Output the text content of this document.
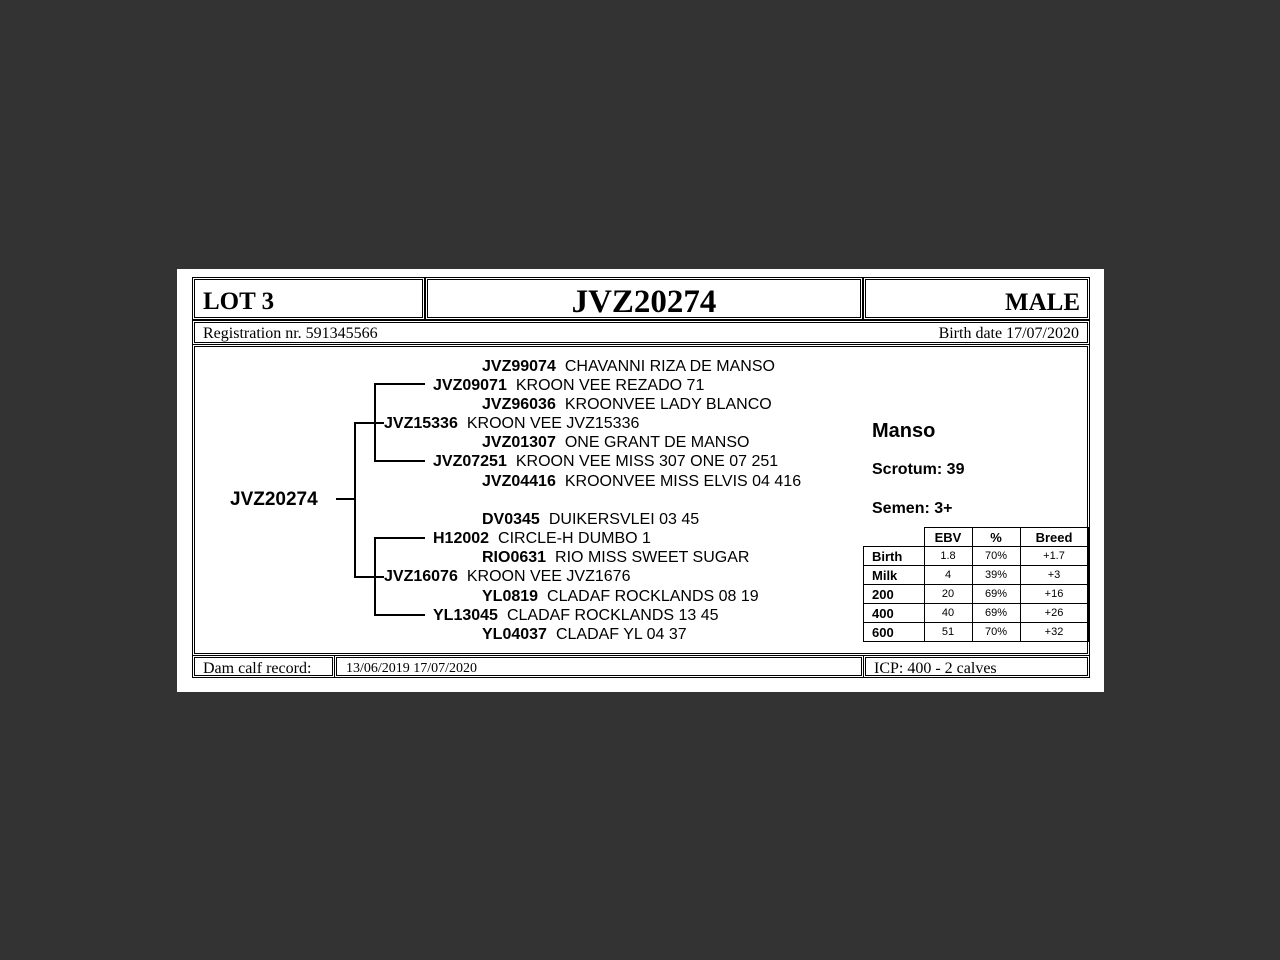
LOT 3	JVZ20274	MALE
Registration nr. 591345566	Birth date 17/07/2020
JVZ20274
JVZ99074 CHAVANNI RIZA DE MANSO
JVZ09071 KROON VEE REZADO 71
JVZ96036 KROONVEE LADY BLANCO
JVZ15336 KROON VEE JVZ15336
JVZ01307 ONE GRANT DE MANSO
JVZ07251 KROON VEE MISS 307 ONE 07 251
JVZ04416 KROONVEE MISS ELVIS 04 416
DV0345 DUIKERSVLEI 03 45
H12002 CIRCLE-H DUMBO 1
RIO0631 RIO MISS SWEET SUGAR
JVZ16076 KROON VEE JVZ1676
YL0819 CLADAF ROCKLANDS 08 19
YL13045 CLADAF ROCKLANDS 13 45
YL04037 CLADAF YL 04 37
Manso
Scrotum: 39
Semen: 3+
	EBV	%	Breed
Birth	1.8	70%	+1.7
Milk	4	39%	+3
200	20	69%	+16
400	40	69%	+26
600	51	70%	+32
Dam calf record: 13/06/2019 17/07/2020	ICP: 400 - 2 calves
